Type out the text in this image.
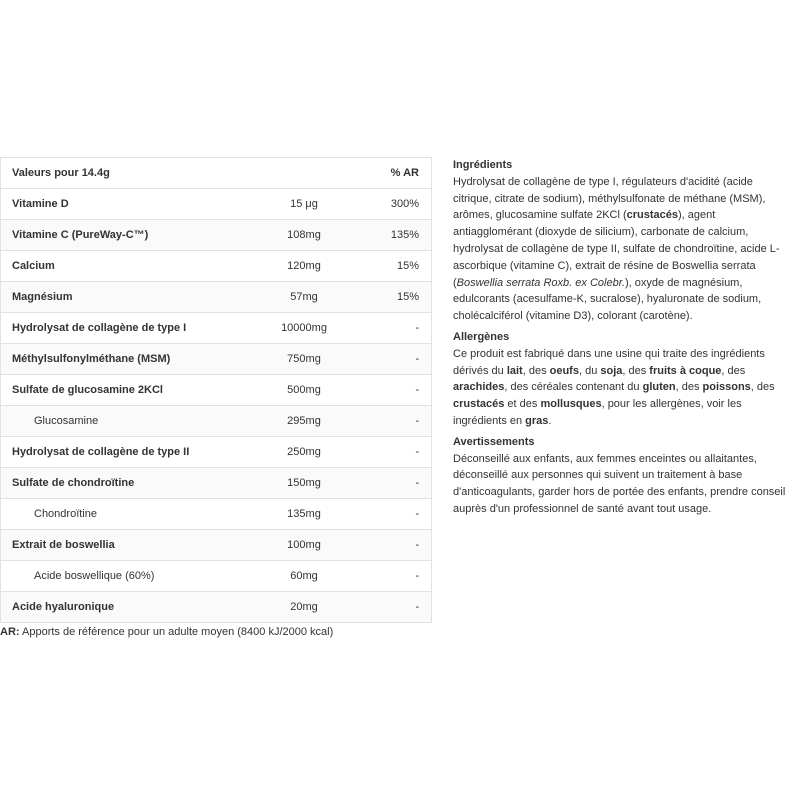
Valeurs pour 14.4g		% AR
Vitamine D	15 μg	300%
Vitamine C (PureWay-C™)	108mg	135%
Calcium	120mg	15%
Magnésium	57mg	15%
Hydrolysat de collagène de type I	10000mg	-
Méthylsulfonylméthane (MSM)	750mg	-
Sulfate de glucosamine 2KCl	500mg	-
Glucosamine	295mg	-
Hydrolysat de collagène de type II	250mg	-
Sulfate de chondroïtine	150mg	-
Chondroïtine	135mg	-
Extrait de boswellia	100mg	-
Acide boswellique (60%)	60mg	-
Acide hyaluronique	20mg	-

AR: Apports de référence pour un adulte moyen (8400 kJ/2000 kcal)

Ingrédients

Hydrolysat de collagène de type I, régulateurs d'acidité (acide citrique, citrate de sodium), méthylsulfonate de méthane (MSM), arômes, glucosamine sulfate 2KCl (crustacés), agent antiagglomérant (dioxyde de silicium), carbonate de calcium, hydrolysat de collagène de type II, sulfate de chondroïtine, acide L-ascorbique (vitamine C), extrait de résine de Boswellia serrata (Boswellia serrata Roxb. ex Colebr.), oxyde de magnésium, edulcorants (acesulfame-K, sucralose), hyaluronate de sodium, cholécalciférol (vitamine D3), colorant (carotène).

Allergènes

Ce produit est fabriqué dans une usine qui traite des ingrédients dérivés du lait, des oeufs, du soja, des fruits à coque, des arachides, des céréales contenant du gluten, des poissons, des crustacés et des mollusques, pour les allergènes, voir les ingrédients en gras.

Avertissements

Déconseillé aux enfants, aux femmes enceintes ou allaitantes, déconseillé aux personnes qui suivent un traitement à base d'anticoagulants, garder hors de portée des enfants, prendre conseil auprès d'un professionnel de santé avant tout usage.
